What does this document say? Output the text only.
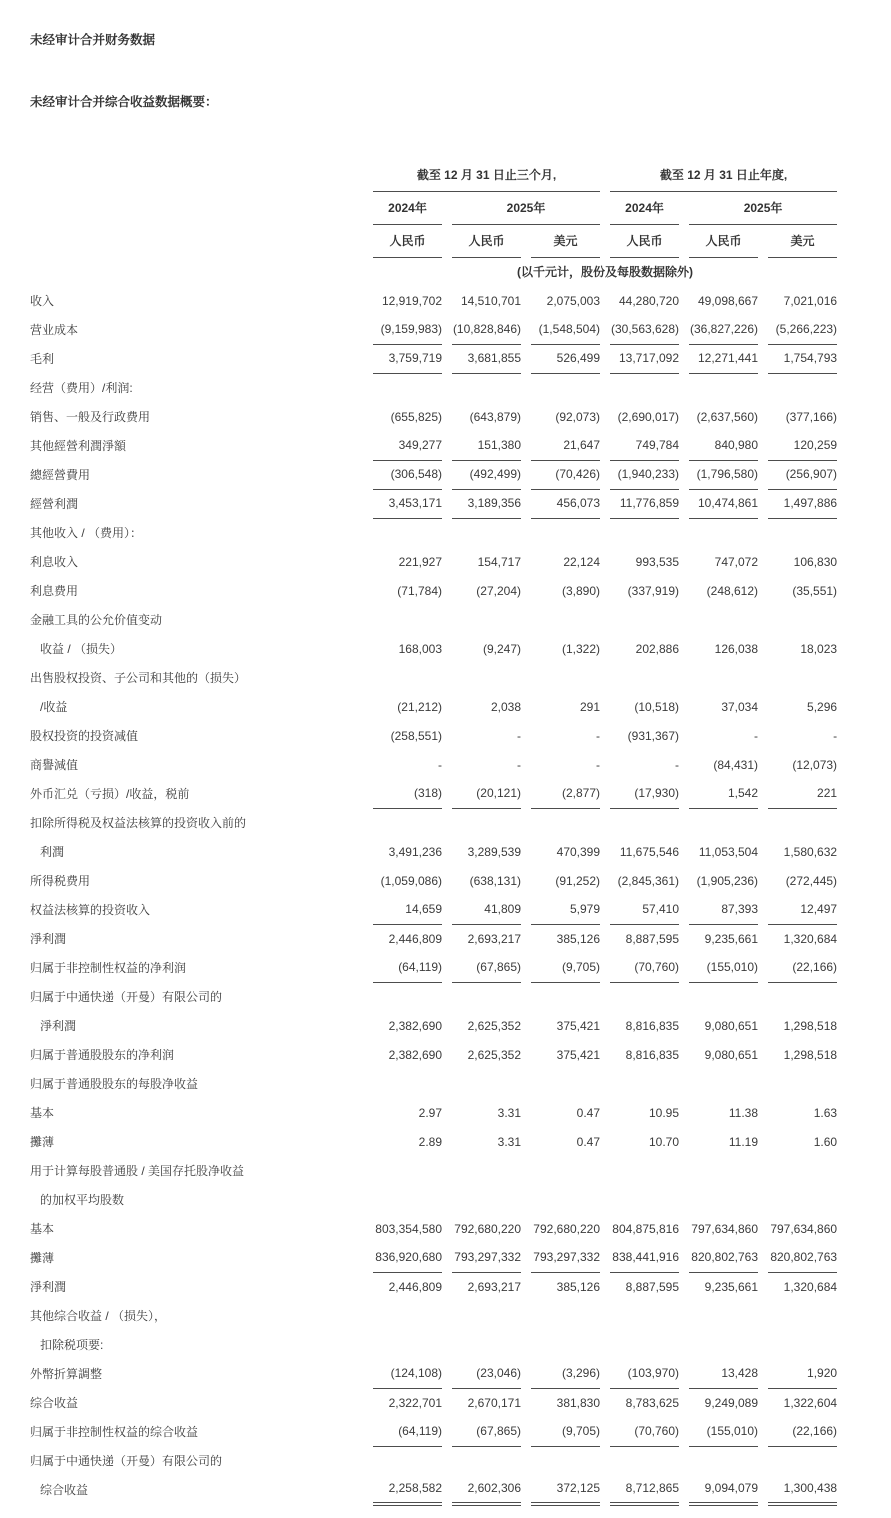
未经审计合并财务数据

未经审计合并综合收益数据概要：

截至 12 月 31 日止三个月,			截至 12 月 31 日止年度,		

2024年	2025年		2024年	2025年	

人民币	人民币	美元	人民币	人民币	美元

(以千元计，股份及每股数据除外)					

收入	12,919,702	14,510,701	2,075,003	44,280,720	49,098,667	7,021,016

营业成本	(9,159,983)	(10,828,846)	(1,548,504)	(30,563,628)	(36,827,226)	(5,266,223)

毛利	3,759,719	3,681,855	526,499	13,717,092	12,271,441	1,754,793

经营（费用）/利润:						

销售、一般及行政费用	(655,825)	(643,879)	(92,073)	(2,690,017)	(2,637,560)	(377,166)

其他經營利潤淨額	349,277	151,380	21,647	749,784	840,980	120,259

總經營費用	(306,548)	(492,499)	(70,426)	(1,940,233)	(1,796,580)	(256,907)

經營利潤	3,453,171	3,189,356	456,073	11,776,859	10,474,861	1,497,886

其他收入 / （费用）：						

利息收入	221,927	154,717	22,124	993,535	747,072	106,830

利息费用	(71,784)	(27,204)	(3,890)	(337,919)	(248,612)	(35,551)

金融工具的公允价值变动						

收益 / （损失）	168,003	(9,247)	(1,322)	202,886	126,038	18,023

出售股权投资、子公司和其他的（损失）						

/收益	(21,212)	2,038	291	(10,518)	37,034	5,296

股权投资的投资减值	(258,551)	-	-	(931,367)	-	-

商譽減值	-	-	-	-	(84,431)	(12,073)

外币汇兑（亏损）/收益，税前	(318)	(20,121)	(2,877)	(17,930)	1,542	221

扣除所得税及权益法核算的投资收入前的						

利潤	3,491,236	3,289,539	470,399	11,675,546	11,053,504	1,580,632

所得税费用	(1,059,086)	(638,131)	(91,252)	(2,845,361)	(1,905,236)	(272,445)

权益法核算的投资收入	14,659	41,809	5,979	57,410	87,393	12,497

淨利潤	2,446,809	2,693,217	385,126	8,887,595	9,235,661	1,320,684

归属于非控制性权益的净利润	(64,119)	(67,865)	(9,705)	(70,760)	(155,010)	(22,166)

归属于中通快递（开曼）有限公司的						

淨利潤	2,382,690	2,625,352	375,421	8,816,835	9,080,651	1,298,518

归属于普通股股东的净利润	2,382,690	2,625,352	375,421	8,816,835	9,080,651	1,298,518

归属于普通股股东的每股净收益						

基本	2.97	3.31	0.47	10.95	11.38	1.63

攤薄	2.89	3.31	0.47	10.70	11.19	1.60

用于计算每股普通股 / 美国存托股净收益						

的加权平均股数						

基本	803,354,580	792,680,220	792,680,220	804,875,816	797,634,860	797,634,860

攤薄	836,920,680	793,297,332	793,297,332	838,441,916	820,802,763	820,802,763

淨利潤	2,446,809	2,693,217	385,126	8,887,595	9,235,661	1,320,684

其他综合收益 / （损失），						

扣除税项要:						

外幣折算調整	(124,108)	(23,046)	(3,296)	(103,970)	13,428	1,920

综合收益	2,322,701	2,670,171	381,830	8,783,625	9,249,089	1,322,604

归属于非控制性权益的综合收益	(64,119)	(67,865)	(9,705)	(70,760)	(155,010)	(22,166)

归属于中通快递（开曼）有限公司的						

综合收益	2,258,582	2,602,306	372,125	8,712,865	9,094,079	1,300,438
